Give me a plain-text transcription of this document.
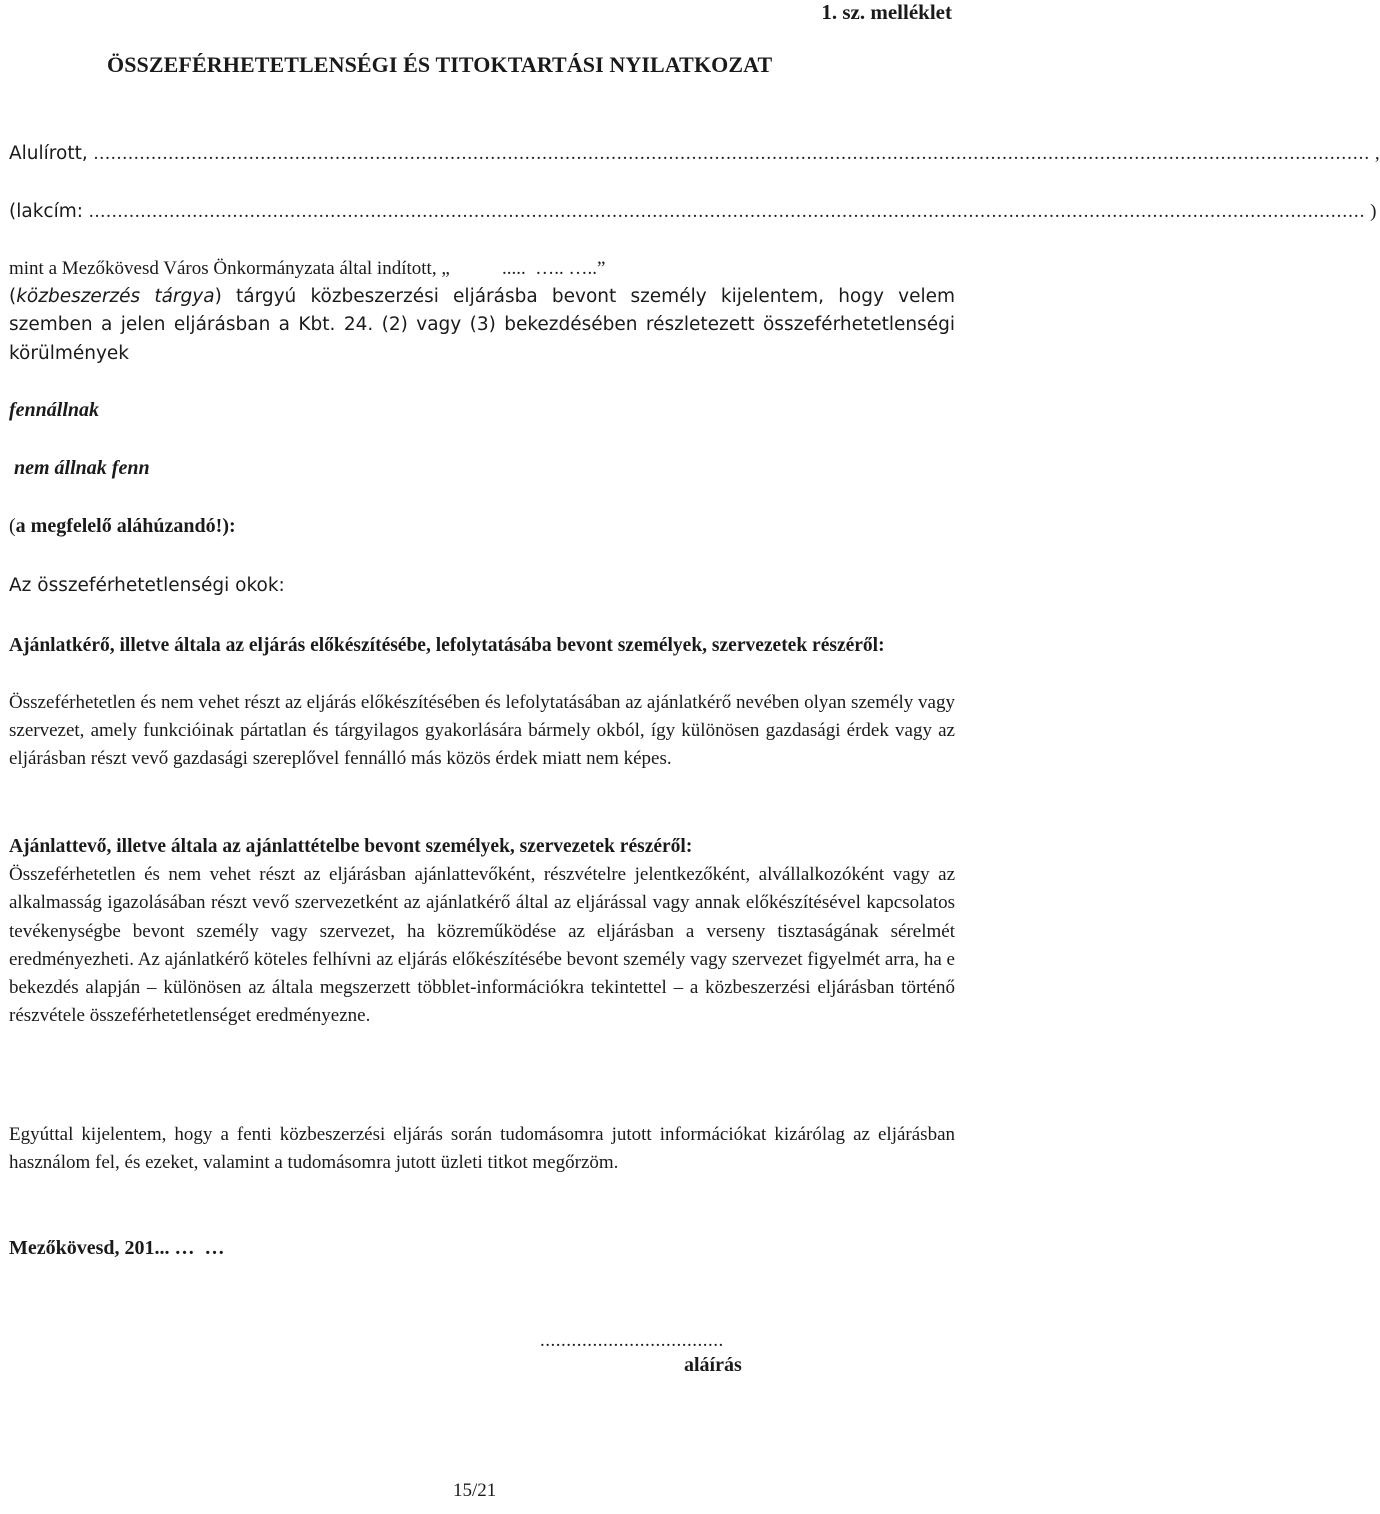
1. sz. melléklet
ÖSSZEFÉRHETETLENSÉGI ÉS TITOKTARTÁSI NYILATKOZAT
Alulírott, .............................................................................................................................................................................................................................. ,
(lakcím: .............................................................................................................................................................................................................................. )
mint a Mezőkövesd Város Önkormányzata által indított, „           .....  ….. …..”
(közbeszerzés tárgya) tárgyú közbeszerzési eljárásba bevont személy kijelentem, hogy velem szemben a jelen eljárásban a Kbt. 24. (2) vagy (3) bekezdésében részletezett összeférhetetlenségi körülmények
fennállnak
nem állnak fenn
(a megfelelő aláhúzandó!):
Az összeférhetetlenségi okok:
Ajánlatkérő, illetve általa az eljárás előkészítésébe, lefolytatásába bevont személyek, szervezetek részéről:
Összeférhetetlen és nem vehet részt az eljárás előkészítésében és lefolytatásában az ajánlatkérő nevében olyan személy vagy szervezet, amely funkcióinak pártatlan és tárgyilagos gyakorlására bármely okból, így különösen gazdasági érdek vagy az eljárásban részt vevő gazdasági szereplővel fennálló más közös érdek miatt nem képes.
Ajánlattevő, illetve általa az ajánlattételbe bevont személyek, szervezetek részéről:
Összeférhetetlen és nem vehet részt az eljárásban ajánlattevőként, részvételre jelentkezőként, alvállalkozóként vagy az alkalmasság igazolásában részt vevő szervezetként az ajánlatkérő által az eljárással vagy annak előkészítésével kapcsolatos tevékenységbe bevont személy vagy szervezet, ha közreműködése az eljárásban a verseny tisztaságának sérelmét eredményezheti. Az ajánlatkérő köteles felhívni az eljárás előkészítésébe bevont személy vagy szervezet figyelmét arra, ha e bekezdés alapján – különösen az általa megszerzett többlet-információkra tekintettel – a közbeszerzési eljárásban történő részvétele összeférhetetlenséget eredményezne.
Egyúttal kijelentem, hogy a fenti közbeszerzési eljárás során tudomásomra jutott információkat kizárólag az eljárásban használom fel, és ezeket, valamint a tudomásomra jutott üzleti titkot megőrzöm.
Mezőkövesd, 201... …  …
...................................
aláírás
15/21
